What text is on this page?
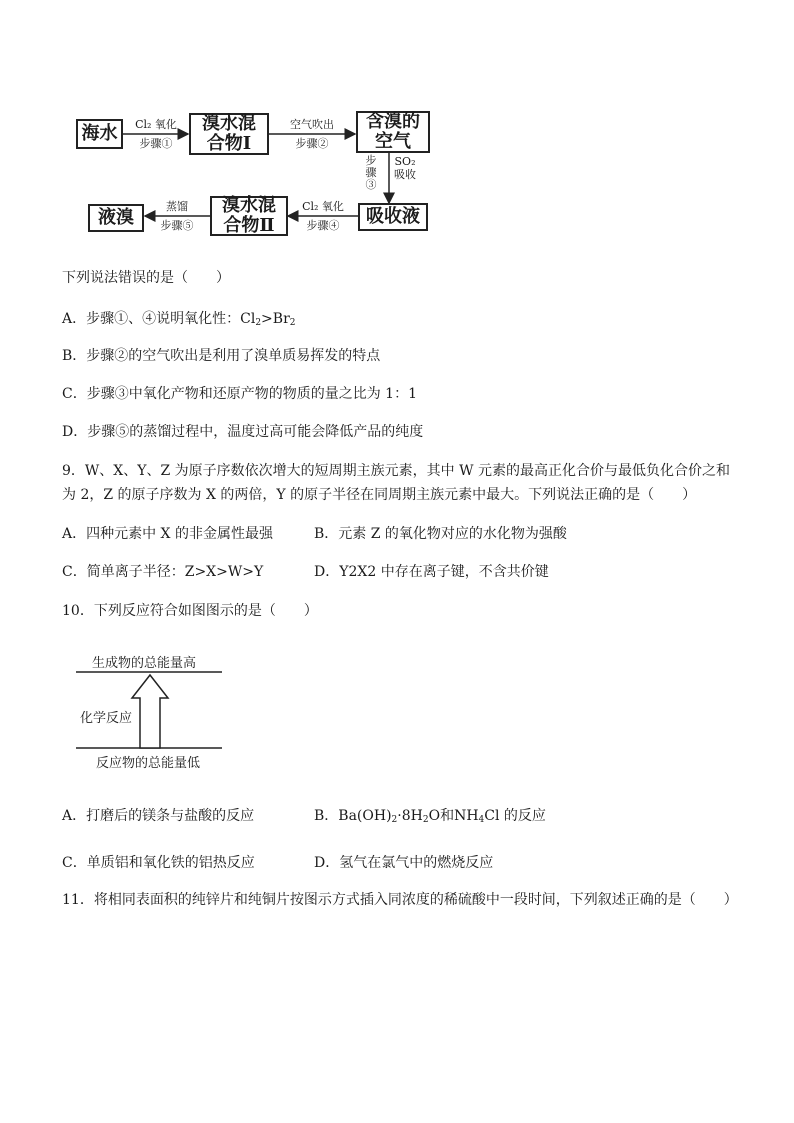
海水	溴水混
合物Ⅰ
含溴的
空气
吸收液
溴水混
合物Ⅱ
液溴
Cl₂ 氧化
步骤①
空气吹出
步骤②
步骤③
SO₂吸收
Cl₂ 氧化
步骤④
蒸馏
步骤⑤
下列说法错误的是（　　）
A．步骤①、④说明氧化性：$Cl_2>Br_2$
B．步骤②的空气吹出是利用了溴单质易挥发的特点
C．步骤③中氧化产物和还原产物的物质的量之比为 1：1
D．步骤⑤的蒸馏过程中，温度过高可能会降低产品的纯度
9．W、X、Y、Z 为原子序数依次增大的短周期主族元素，其中 W 元素的最高正化合价与最低负化合价之和
为 2，Z 的原子序数为 X 的两倍，Y 的原子半径在同周期主族元素中最大。下列说法正确的是（　　）
A．四种元素中 X 的非金属性最强	B．元素 Z 的氧化物对应的水化物为强酸
C．简单离子半径：Z>X>W>Y	D．Y2X2 中存在离子键，不含共价键
10．下列反应符合如图图示的是（　　）
生成物的总能量高
化学反应
反应物的总能量低
A．打磨后的镁条与盐酸的反应	B．$Ba(OH)_2\cdot 8H_2O$和$NH_4Cl$ 的反应
C．单质铝和氧化铁的铝热反应	D．氢气在氯气中的燃烧反应
11．将相同表面积的纯锌片和纯铜片按图示方式插入同浓度的稀硫酸中一段时间，下列叙述正确的是（　　）
